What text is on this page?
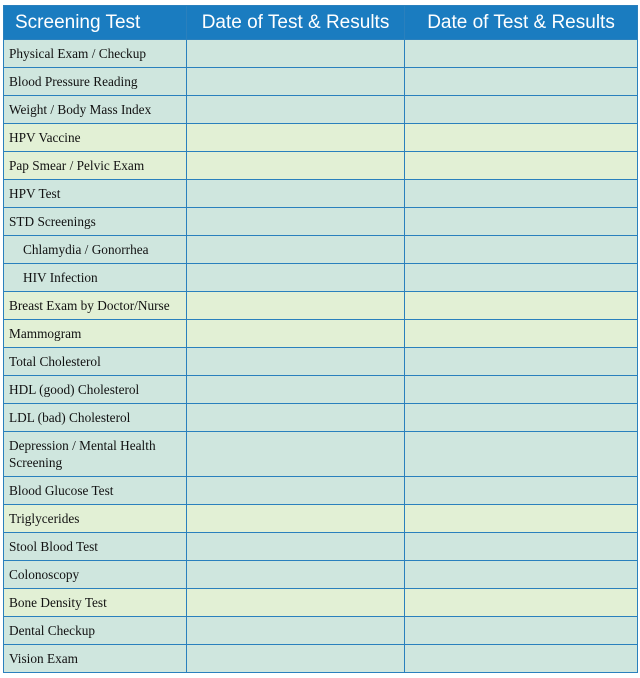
Screening Test	Date of Test & Results	Date of Test & Results
Physical Exam / Checkup		
Blood Pressure Reading		
Weight / Body Mass Index		
HPV Vaccine		
Pap Smear / Pelvic Exam		
HPV Test		
STD Screenings		
Chlamydia / Gonorrhea		
HIV Infection		
Breast Exam by Doctor/Nurse		
Mammogram		
Total Cholesterol		
HDL (good) Cholesterol		
LDL (bad) Cholesterol		
Depression / Mental Health Screening		
Blood Glucose Test		
Triglycerides		
Stool Blood Test		
Colonoscopy		
Bone Density Test		
Dental Checkup		
Vision Exam		
